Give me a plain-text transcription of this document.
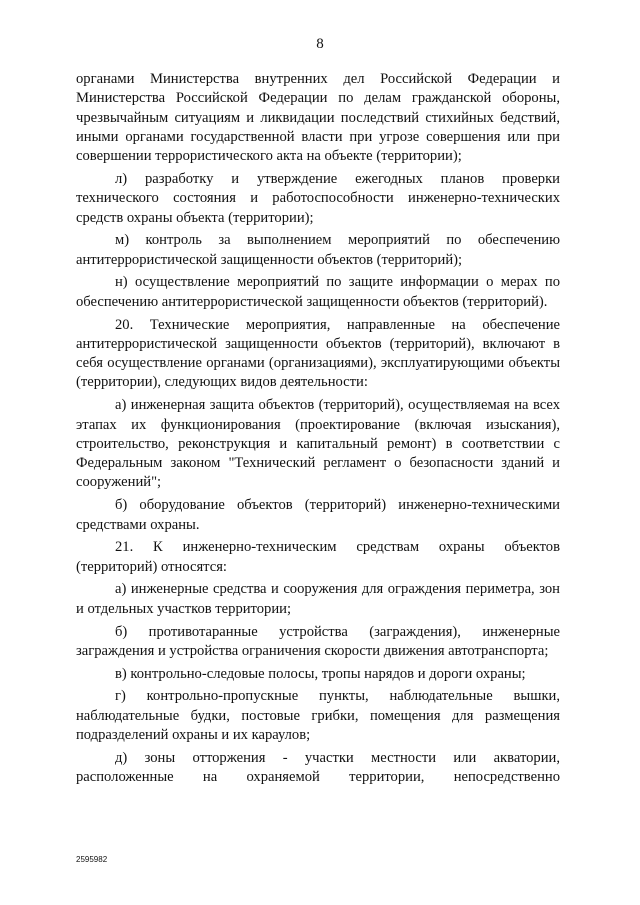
8

органами Министерства внутренних дел Российской Федерации и Министерства Российской Федерации по делам гражданской обороны, чрезвычайным ситуациям и ликвидации последствий стихийных бедствий, иными органами государственной власти при угрозе совершения или при совершении террористического акта на объекте (территории);

л) разработку и утверждение ежегодных планов проверки технического состояния и работоспособности инженерно-технических средств охраны объекта (территории);

м) контроль за выполнением мероприятий по обеспечению антитеррористической защищенности объектов (территорий);

н) осуществление мероприятий по защите информации о мерах по обеспечению антитеррористической защищенности объектов (территорий).

20. Технические мероприятия, направленные на обеспечение антитеррористической защищенности объектов (территорий), включают в себя осуществление органами (организациями), эксплуатирующими объекты (территории), следующих видов деятельности:

а) инженерная защита объектов (территорий), осуществляемая на всех этапах их функционирования (проектирование (включая изыскания), строительство, реконструкция и капитальный ремонт) в соответствии с Федеральным законом "Технический регламент о безопасности зданий и сооружений";

б) оборудование объектов (территорий) инженерно-техническими средствами охраны.

21. К инженерно-техническим средствам охраны объектов (территорий) относятся:

а) инженерные средства и сооружения для ограждения периметра, зон и отдельных участков территории;

б) противотаранные устройства (заграждения), инженерные заграждения и устройства ограничения скорости движения автотранспорта;

в) контрольно-следовые полосы, тропы нарядов и дороги охраны;

г) контрольно-пропускные пункты, наблюдательные вышки, наблюдательные будки, постовые грибки, помещения для размещения подразделений охраны и их караулов;

д) зоны отторжения - участки местности или акватории, расположенные на охраняемой территории, непосредственно

2595982
